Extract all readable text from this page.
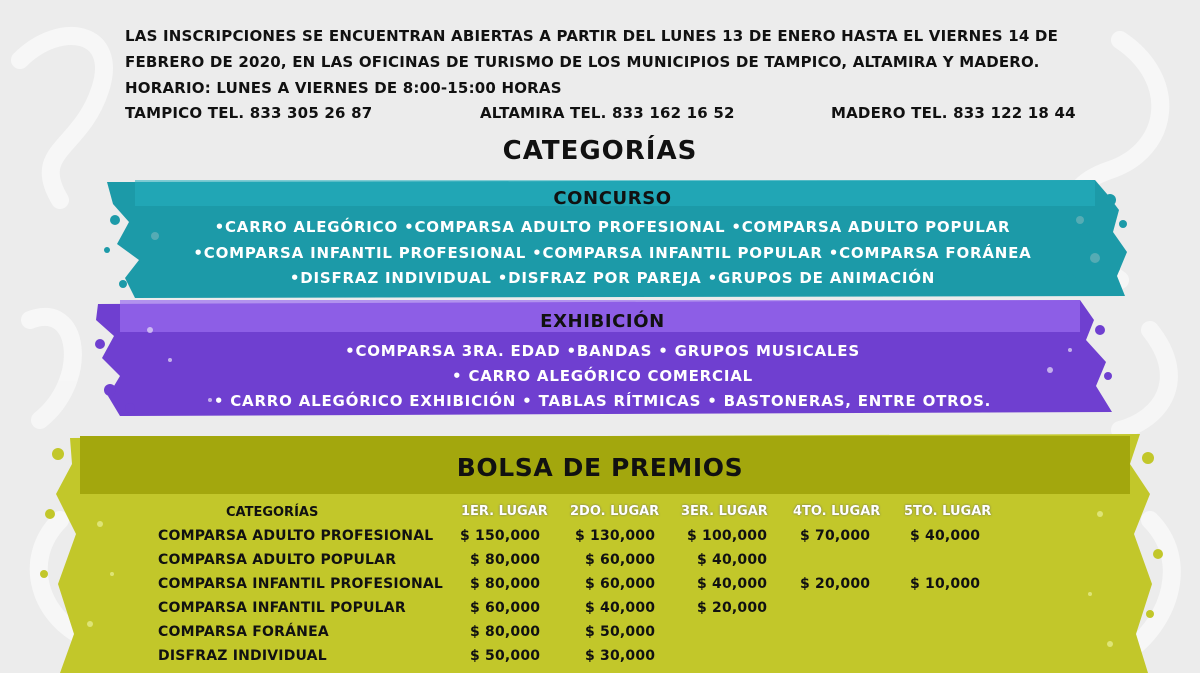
LAS INSCRIPCIONES SE ENCUENTRAN ABIERTAS A PARTIR DEL LUNES 13 DE ENERO HASTA EL VIERNES 14 DE
FEBRERO DE 2020, EN LAS OFICINAS DE TURISMO DE LOS MUNICIPIOS DE TAMPICO, ALTAMIRA Y MADERO.
HORARIO: LUNES A VIERNES DE 8:00-15:00 HORAS
TAMPICO TEL. 833 305 26 87	ALTAMIRA TEL. 833 162 16 52	MADERO TEL. 833 122 18 44
CATEGORÍAS
CONCURSO
•CARRO ALEGÓRICO •COMPARSA ADULTO PROFESIONAL •COMPARSA ADULTO POPULAR
•COMPARSA INFANTIL PROFESIONAL •COMPARSA INFANTIL POPULAR •COMPARSA FORÁNEA
•DISFRAZ INDIVIDUAL •DISFRAZ POR PAREJA •GRUPOS DE ANIMACIÓN
EXHIBICIÓN
•COMPARSA 3RA. EDAD •BANDAS • GRUPOS MUSICALES
• CARRO ALEGÓRICO COMERCIAL
• CARRO ALEGÓRICO EXHIBICIÓN • TABLAS RÍTMICAS • BASTONERAS, ENTRE OTROS.
BOLSA DE PREMIOS
CATEGORÍAS	1ER. LUGAR 2DO. LUGAR 3ER. LUGAR 4TO. LUGAR 5TO. LUGAR
COMPARSA ADULTO PROFESIONAL $ 150,000 $ 130,000 $ 100,000 $ 70,000	$ 40,000
COMPARSA ADULTO POPULAR	$ 80,000	$ 60,000	$ 40,000
COMPARSA INFANTIL PROFESIONAL $ 80,000	$ 60,000	$ 40,000 $ 20,000	$ 10,000
COMPARSA INFANTIL POPULAR	$ 60,000	$ 40,000	$ 20,000
COMPARSA FORÁNEA	$ 80,000	$ 50,000
DISFRAZ INDIVIDUAL	$ 50,000	$ 30,000
